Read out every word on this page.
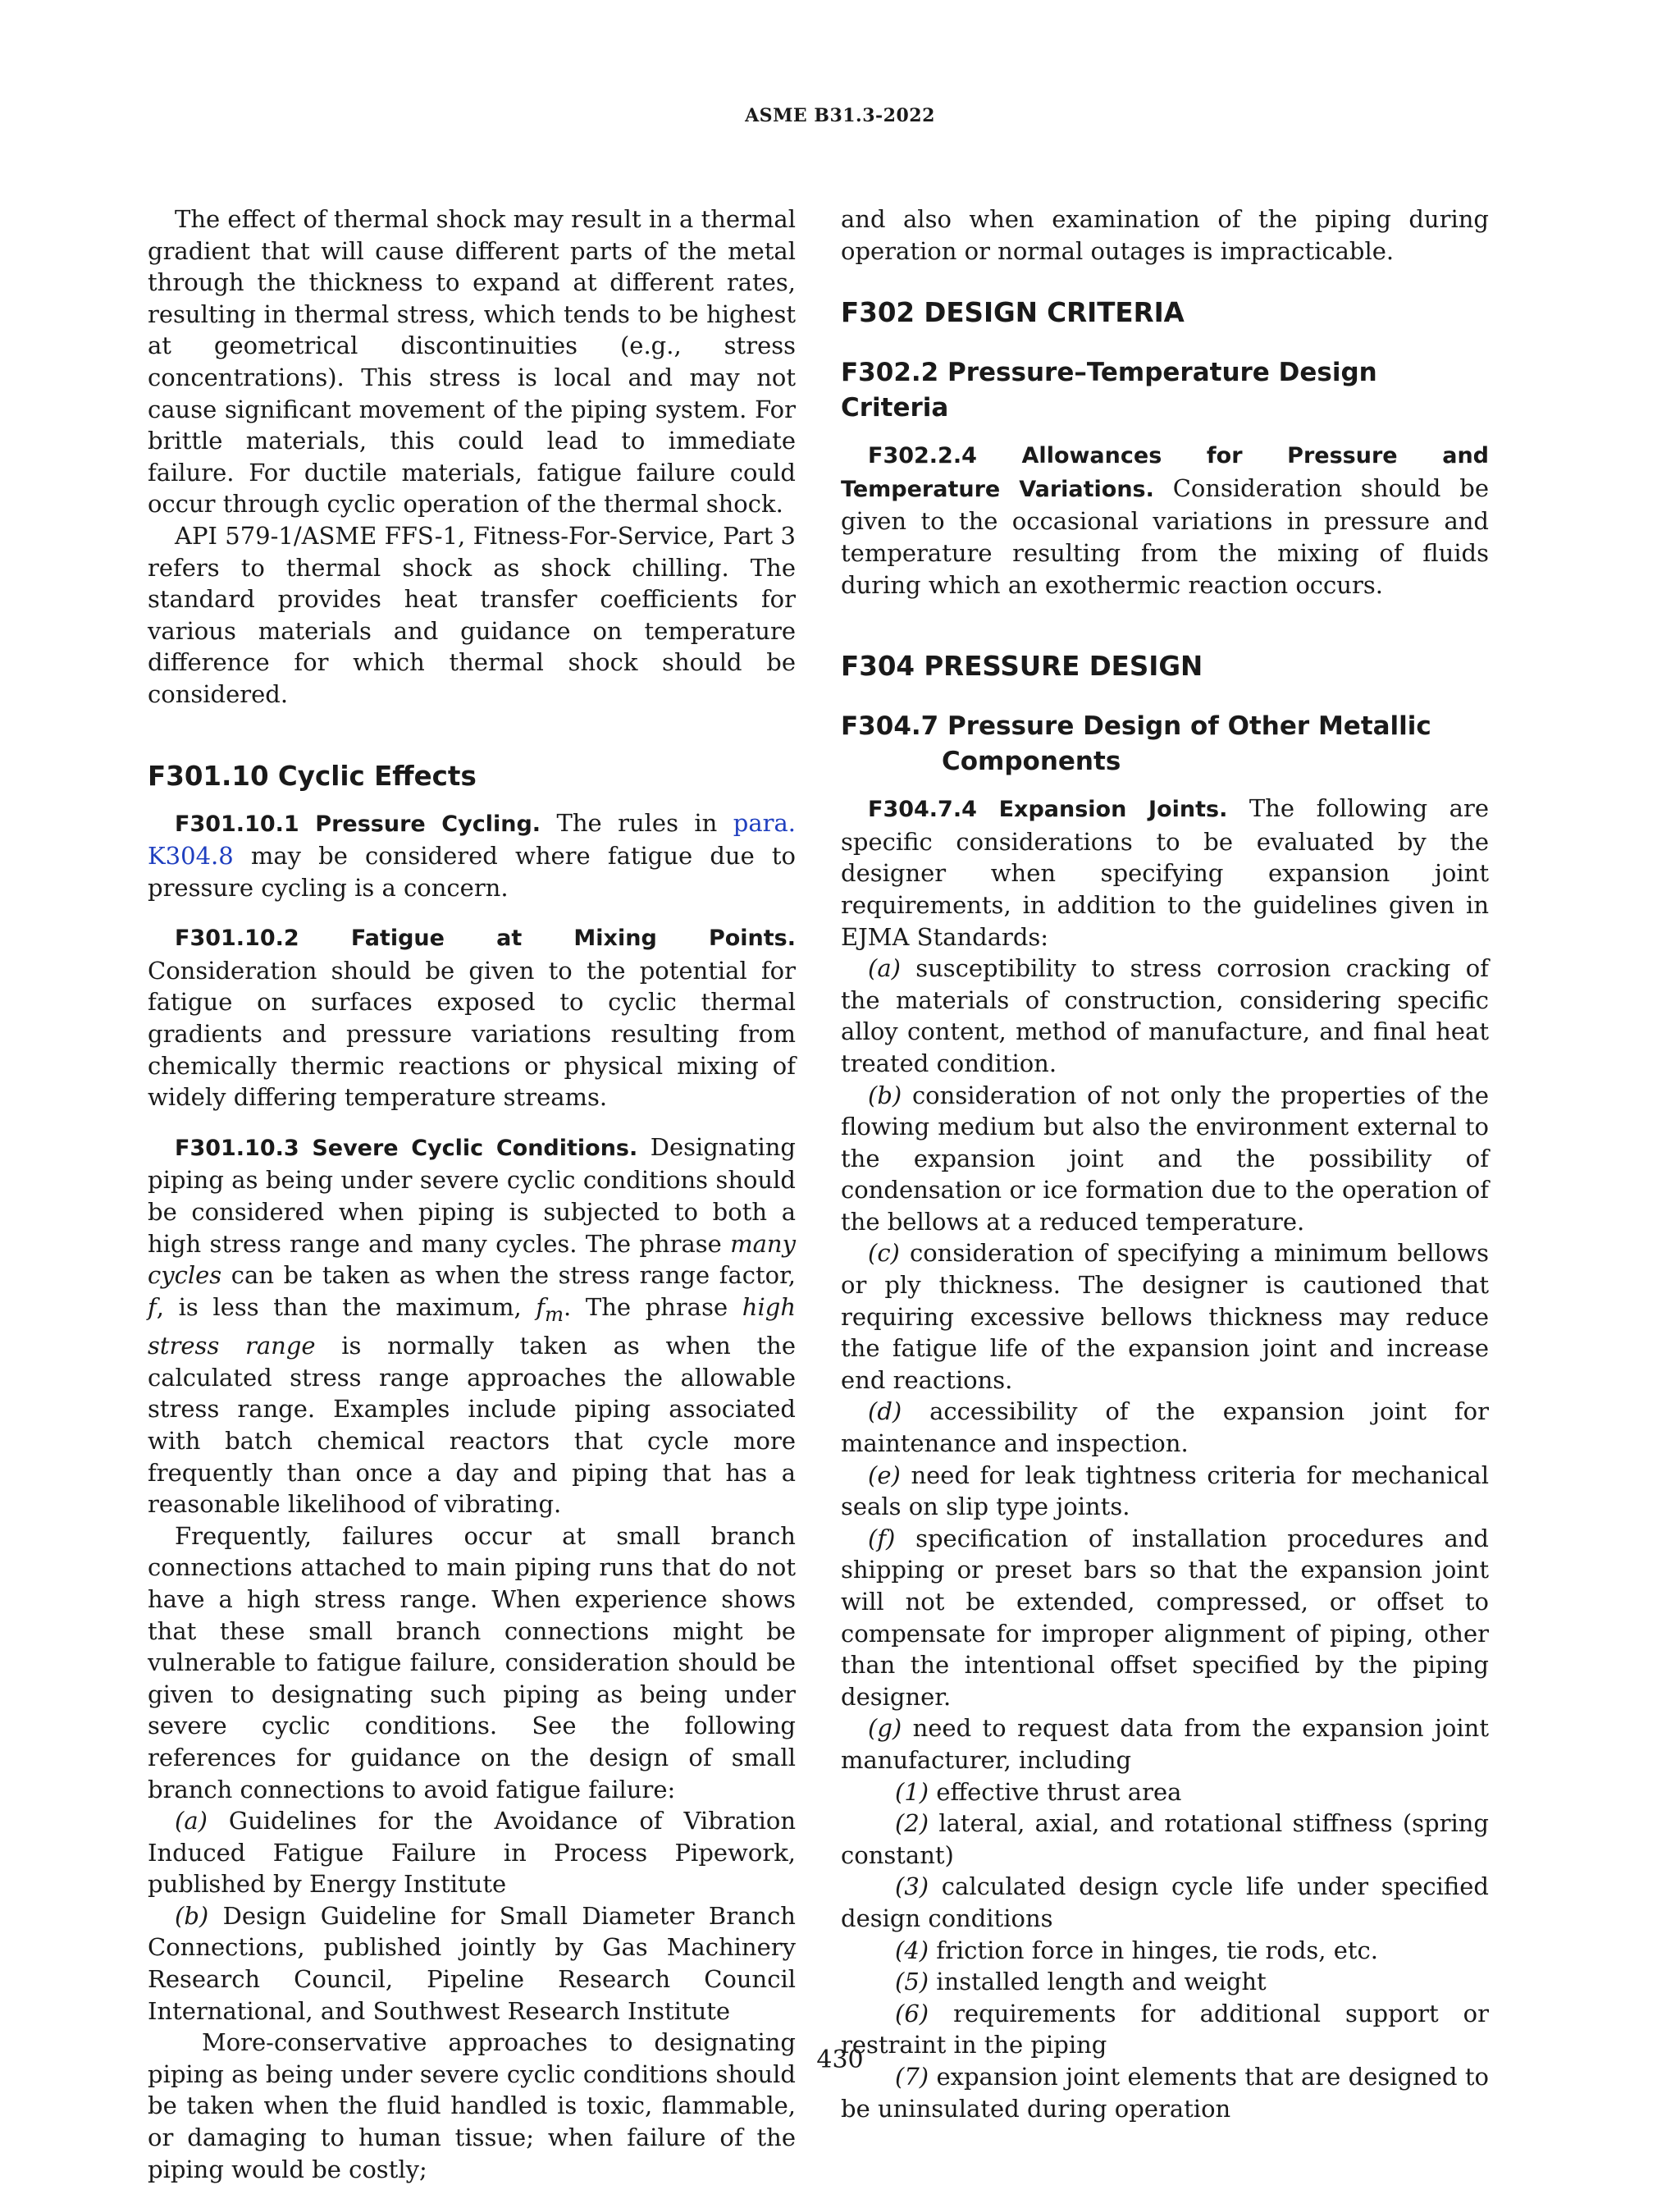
ASME B31.3-2022

The effect of thermal shock may result in a thermal gradient that will cause different parts of the metal through the thickness to expand at different rates, resulting in thermal stress, which tends to be highest at geometrical discontinuities (e.g., stress concentrations). This stress is local and may not cause significant movement of the piping system. For brittle materials, this could lead to immediate failure. For ductile materials, fatigue failure could occur through cyclic operation of the thermal shock.

API 579-1/ASME FFS-1, Fitness-For-Service, Part 3 refers to thermal shock as shock chilling. The standard provides heat transfer coefficients for various materials and guidance on temperature difference for which thermal shock should be considered.

F301.10 Cyclic Effects

F301.10.1 Pressure Cycling. The rules in para. K304.8 may be considered where fatigue due to pressure cycling is a concern.

F301.10.2 Fatigue at Mixing Points. Consideration should be given to the potential for fatigue on surfaces exposed to cyclic thermal gradients and pressure variations resulting from chemically thermic reactions or physical mixing of widely differing temperature streams.

F301.10.3 Severe Cyclic Conditions. Designating piping as being under severe cyclic conditions should be considered when piping is subjected to both a high stress range and many cycles. The phrase many cycles can be taken as when the stress range factor, f, is less than the maximum, $f_m$. The phrase high stress range is normally taken as when the calculated stress range approaches the allowable stress range. Examples include piping associated with batch chemical reactors that cycle more frequently than once a day and piping that has a reasonable likelihood of vibrating.

Frequently, failures occur at small branch connections attached to main piping runs that do not have a high stress range. When experience shows that these small branch connections might be vulnerable to fatigue failure, consideration should be given to designating such piping as being under severe cyclic conditions. See the following references for guidance on the design of small branch connections to avoid fatigue failure:

(a) Guidelines for the Avoidance of Vibration Induced Fatigue Failure in Process Pipework, published by Energy Institute

(b) Design Guideline for Small Diameter Branch Connections, published jointly by Gas Machinery Research Council, Pipeline Research Council International, and Southwest Research Institute

More-conservative approaches to designating piping as being under severe cyclic conditions should be taken when the fluid handled is toxic, flammable, or damaging to human tissue; when failure of the piping would be costly;

and also when examination of the piping during operation or normal outages is impracticable.

F302 DESIGN CRITERIA
F302.2 Pressure–Temperature Design Criteria

F302.2.4 Allowances for Pressure and Temperature Variations. Consideration should be given to the occasional variations in pressure and temperature resulting from the mixing of fluids during which an exothermic reaction occurs.

F304 PRESSURE DESIGN
F304.7 Pressure Design of Other Metallic Components

F304.7.4 Expansion Joints. The following are specific considerations to be evaluated by the designer when specifying expansion joint requirements, in addition to the guidelines given in EJMA Standards:

(a) susceptibility to stress corrosion cracking of the materials of construction, considering specific alloy content, method of manufacture, and final heat treated condition.

(b) consideration of not only the properties of the flowing medium but also the environment external to the expansion joint and the possibility of condensation or ice formation due to the operation of the bellows at a reduced temperature.

(c) consideration of specifying a minimum bellows or ply thickness. The designer is cautioned that requiring excessive bellows thickness may reduce the fatigue life of the expansion joint and increase end reactions.

(d) accessibility of the expansion joint for maintenance and inspection.

(e) need for leak tightness criteria for mechanical seals on slip type joints.

(f) specification of installation procedures and shipping or preset bars so that the expansion joint will not be extended, compressed, or offset to compensate for improper alignment of piping, other than the intentional offset specified by the piping designer.

(g) need to request data from the expansion joint manufacturer, including

(1) effective thrust area

(2) lateral, axial, and rotational stiffness (spring constant)

(3) calculated design cycle life under specified design conditions

(4) friction force in hinges, tie rods, etc.

(5) installed length and weight

(6) requirements for additional support or restraint in the piping

(7) expansion joint elements that are designed to be uninsulated during operation

430
